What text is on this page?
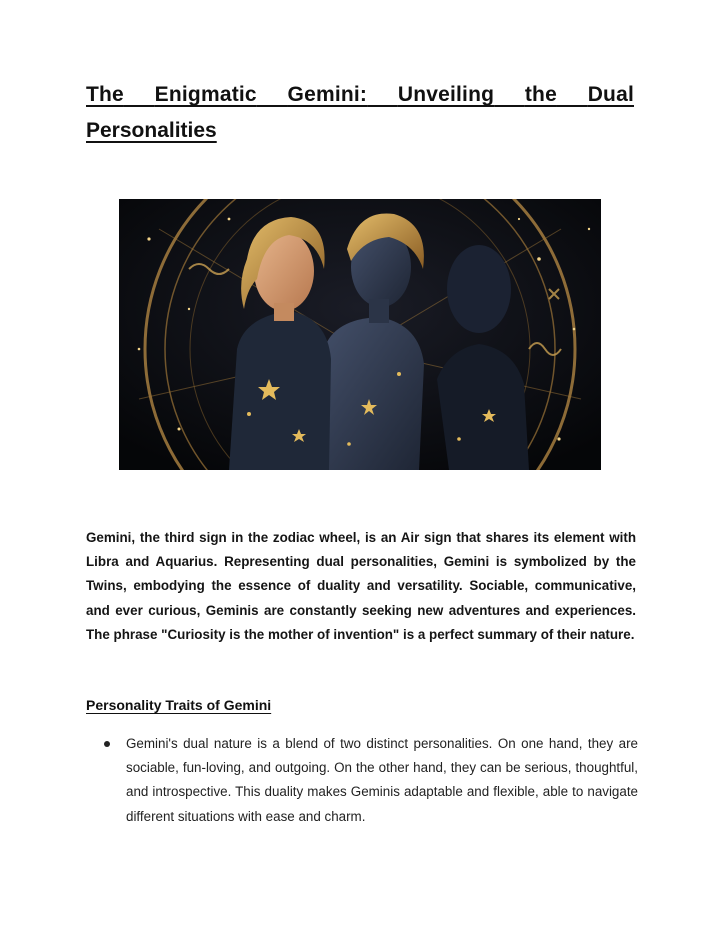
The Enigmatic Gemini: Unveiling the Dual
Personalities

Gemini, the third sign in the zodiac wheel, is an Air sign that shares its element with Libra and Aquarius. Representing dual personalities, Gemini is symbolized by the Twins, embodying the essence of duality and versatility. Sociable, communicative, and ever curious, Geminis are constantly seeking new adventures and experiences. The phrase "Curiosity is the mother of invention" is a perfect summary of their nature.

Personality Traits of Gemini
Gemini's dual nature is a blend of two distinct personalities. On one hand, they are sociable, fun-loving, and outgoing. On the other hand, they can be serious, thoughtful, and introspective. This duality makes Geminis adaptable and flexible, able to navigate different situations with ease and charm.
